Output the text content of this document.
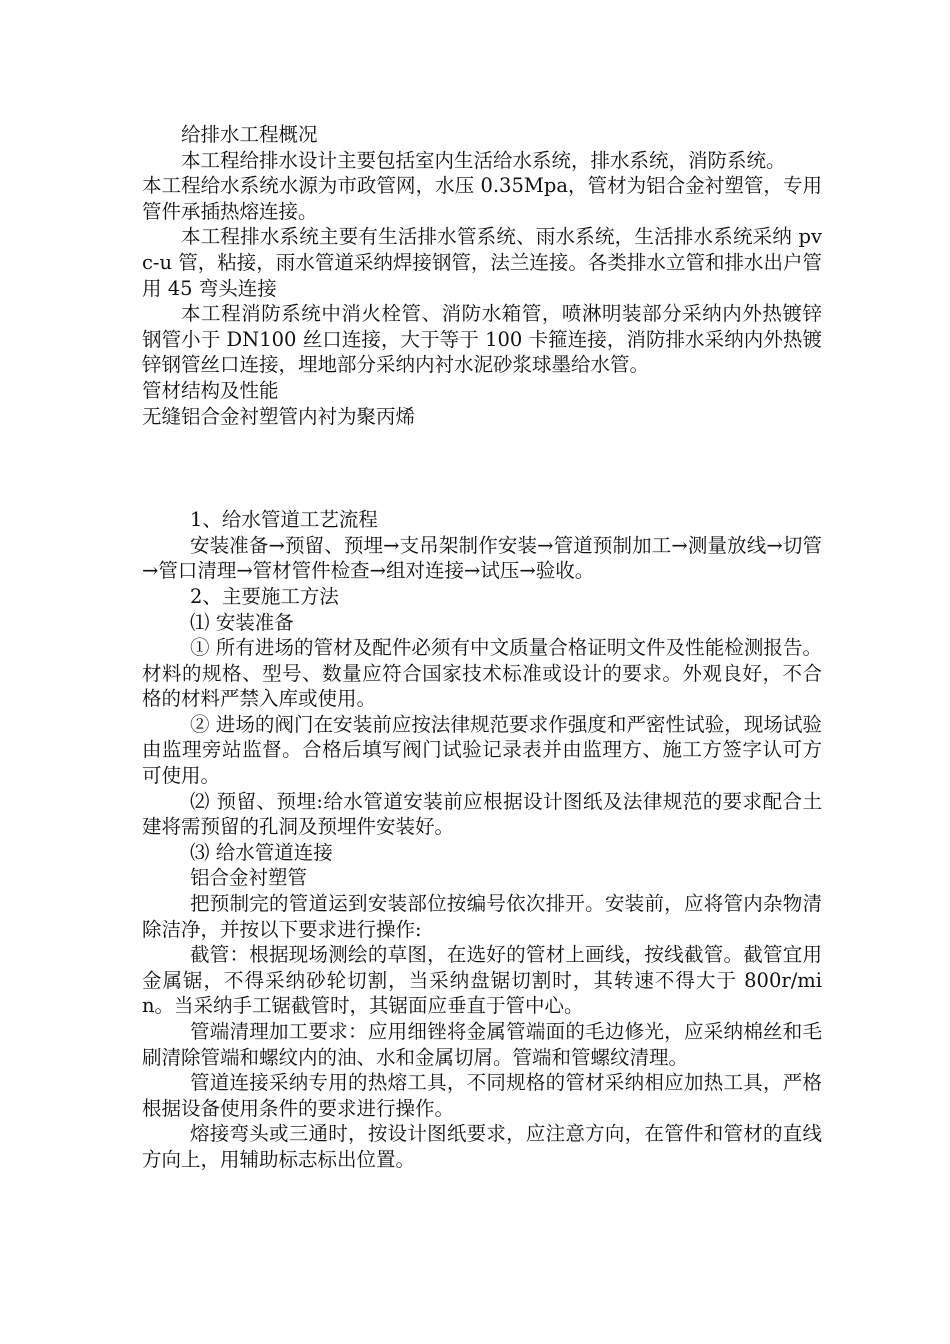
给排水工程概况

本工程给排水设计主要包括室内生活给水系统，排水系统，消防系统。

本工程给水系统水源为市政管网，水压 0.35Mpa，管材为铝合金衬塑管，专用管件承插热熔连接。

本工程排水系统主要有生活排水管系统、雨水系统，生活排水系统采纳 pvc-u 管，粘接，雨水管道采纳焊接钢管，法兰连接。各类排水立管和排水出户管用 45 弯头连接

本工程消防系统中消火栓管、消防水箱管，喷淋明装部分采纳内外热镀锌钢管小于 DN100 丝口连接，大于等于 100 卡箍连接，消防排水采纳内外热镀锌钢管丝口连接，埋地部分采纳内衬水泥砂浆球墨给水管。

管材结构及性能

无缝铝合金衬塑管内衬为聚丙烯

1、给水管道工艺流程

安装准备→预留、预埋→支吊架制作安装→管道预制加工→测量放线→切管→管口清理→管材管件检查→组对连接→试压→验收。

2、主要施工方法

⑴ 安装准备

① 所有进场的管材及配件必须有中文质量合格证明文件及性能检测报告。材料的规格、型号、数量应符合国家技术标准或设计的要求。外观良好，不合格的材料严禁入库或使用。

② 进场的阀门在安装前应按法律规范要求作强度和严密性试验，现场试验由监理旁站监督。合格后填写阀门试验记录表并由监理方、施工方签字认可方可使用。

⑵ 预留、预埋:给水管道安装前应根据设计图纸及法律规范的要求配合土建将需预留的孔洞及预埋件安装好。

⑶ 给水管道连接

铝合金衬塑管

把预制完的管道运到安装部位按编号依次排开。安装前，应将管内杂物清除洁净，并按以下要求进行操作:

截管：根据现场测绘的草图，在选好的管材上画线，按线截管。截管宜用金属锯，不得采纳砂轮切割，当采纳盘锯切割时，其转速不得大于 800r/min。当采纳手工锯截管时，其锯面应垂直于管中心。

管端清理加工要求：应用细锉将金属管端面的毛边修光，应采纳棉丝和毛刷清除管端和螺纹内的油、水和金属切屑。管端和管螺纹清理。

管道连接采纳专用的热熔工具，不同规格的管材采纳相应加热工具，严格根据设备使用条件的要求进行操作。

熔接弯头或三通时，按设计图纸要求，应注意方向，在管件和管材的直线方向上，用辅助标志标出位置。
